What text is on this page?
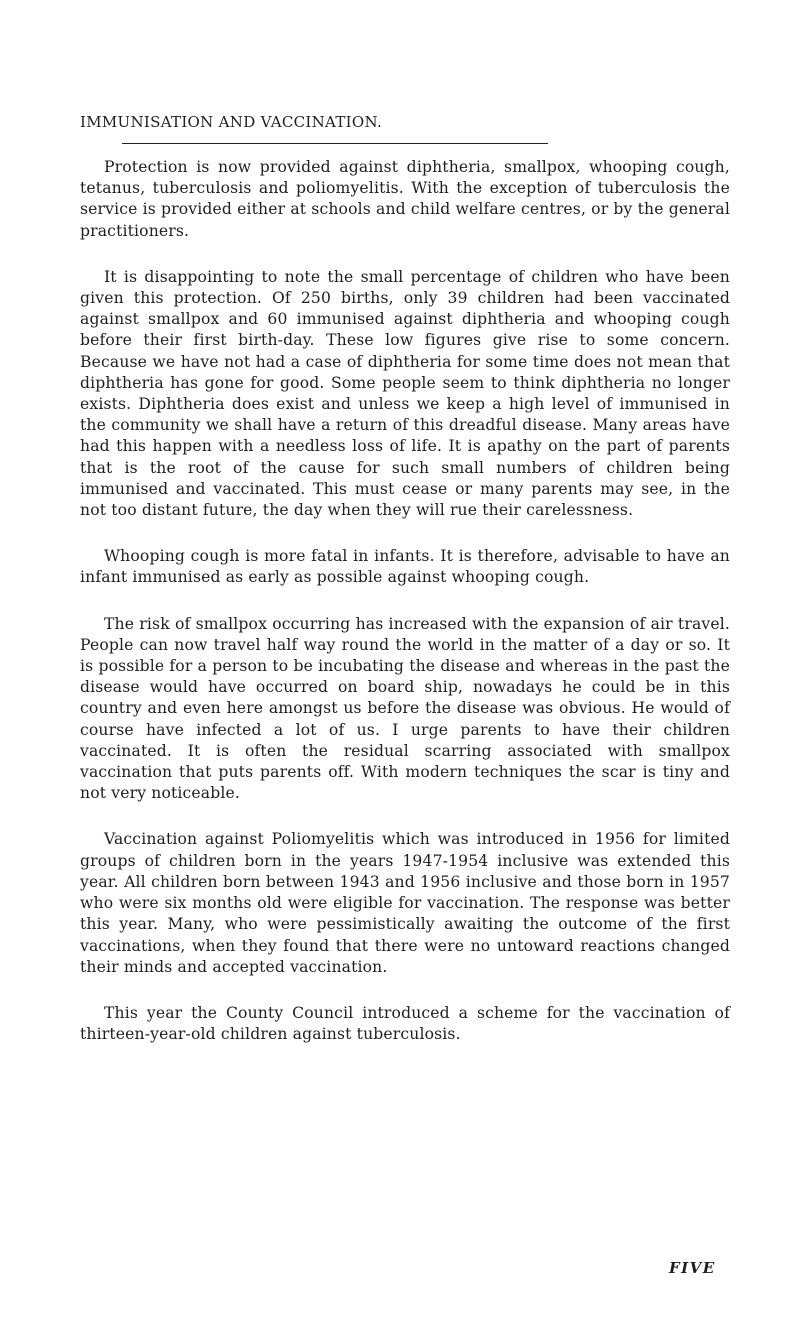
IMMUNISATION AND VACCINATION.

Protection is now provided against diphtheria, smallpox, whooping cough, tetanus, tuberculosis and poliomyelitis. With the exception of tuberculosis the service is provided either at schools and child welfare centres, or by the general practitioners.

It is disappointing to note the small percentage of children who have been given this protection. Of 250 births, only 39 children had been vaccinated against smallpox and 60 immunised against diphtheria and whooping cough before their first birth-day. These low figures give rise to some concern. Because we have not had a case of diphtheria for some time does not mean that diphtheria has gone for good. Some people seem to think diphtheria no longer exists. Diphtheria does exist and unless we keep a high level of immunised in the community we shall have a return of this dreadful disease. Many areas have had this happen with a needless loss of life. It is apathy on the part of parents that is the root of the cause for such small numbers of children being immunised and vaccinated. This must cease or many parents may see, in the not too distant future, the day when they will rue their carelessness.

Whooping cough is more fatal in infants. It is therefore, advisable to have an infant immunised as early as possible against whooping cough.

The risk of smallpox occurring has increased with the expansion of air travel. People can now travel half way round the world in the matter of a day or so. It is possible for a person to be incubating the disease and whereas in the past the disease would have occurred on board ship, nowadays he could be in this country and even here amongst us before the disease was obvious. He would of course have infected a lot of us. I urge parents to have their children vaccinated. It is often the residual scarring associated with smallpox vaccination that puts parents off. With modern techniques the scar is tiny and not very noticeable.

Vaccination against Poliomyelitis which was introduced in 1956 for limited groups of children born in the years 1947-1954 inclusive was extended this year. All children born between 1943 and 1956 inclusive and those born in 1957 who were six months old were eligible for vaccination. The response was better this year. Many, who were pessimistically awaiting the outcome of the first vaccinations, when they found that there were no untoward reactions changed their minds and accepted vaccination.

This year the County Council introduced a scheme for the vaccination of thirteen-year-old children against tuberculosis.

FIVE
